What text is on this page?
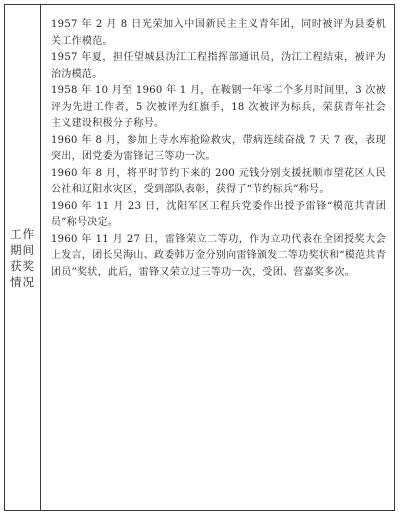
工作期间获奖情况

1957 年 2 月 8 日光荣加入中国新民主主义青年团，同时被评为县委机关工作模范。

1957 年夏，担任望城县沩江工程指挥部通讯员，沩江工程结束，被评为治沩模范。

1958 年 10 月至 1960 年 1 月，在鞍钢一年零二个多月时间里，3 次被评为先进工作者，5 次被评为红旗手，18 次被评为标兵，荣获青年社会主义建设积极分子称号。

1960 年 8 月，参加上寺水库抢险救灾，带病连续奋战 7 天 7 夜，表现突出，团党委为雷锋记三等功一次。

1960 年 8 月，将平时节约下来的 200 元钱分别支援抚顺市望花区人民公社和辽阳水灾区，受到部队表彰，获得了“节约标兵”称号。

1960 年 11 月 23 日，沈阳军区工程兵党委作出授予雷锋“模范共青团员”称号决定。

1960 年 11 月 27 日，雷锋荣立二等功，作为立功代表在全团授奖大会上发言，团长吴海山、政委韩万金分别向雷锋颁发二等功奖状和“模范共青团员”奖状，此后，雷锋又荣立过三等功一次，受团、营嘉奖多次。
